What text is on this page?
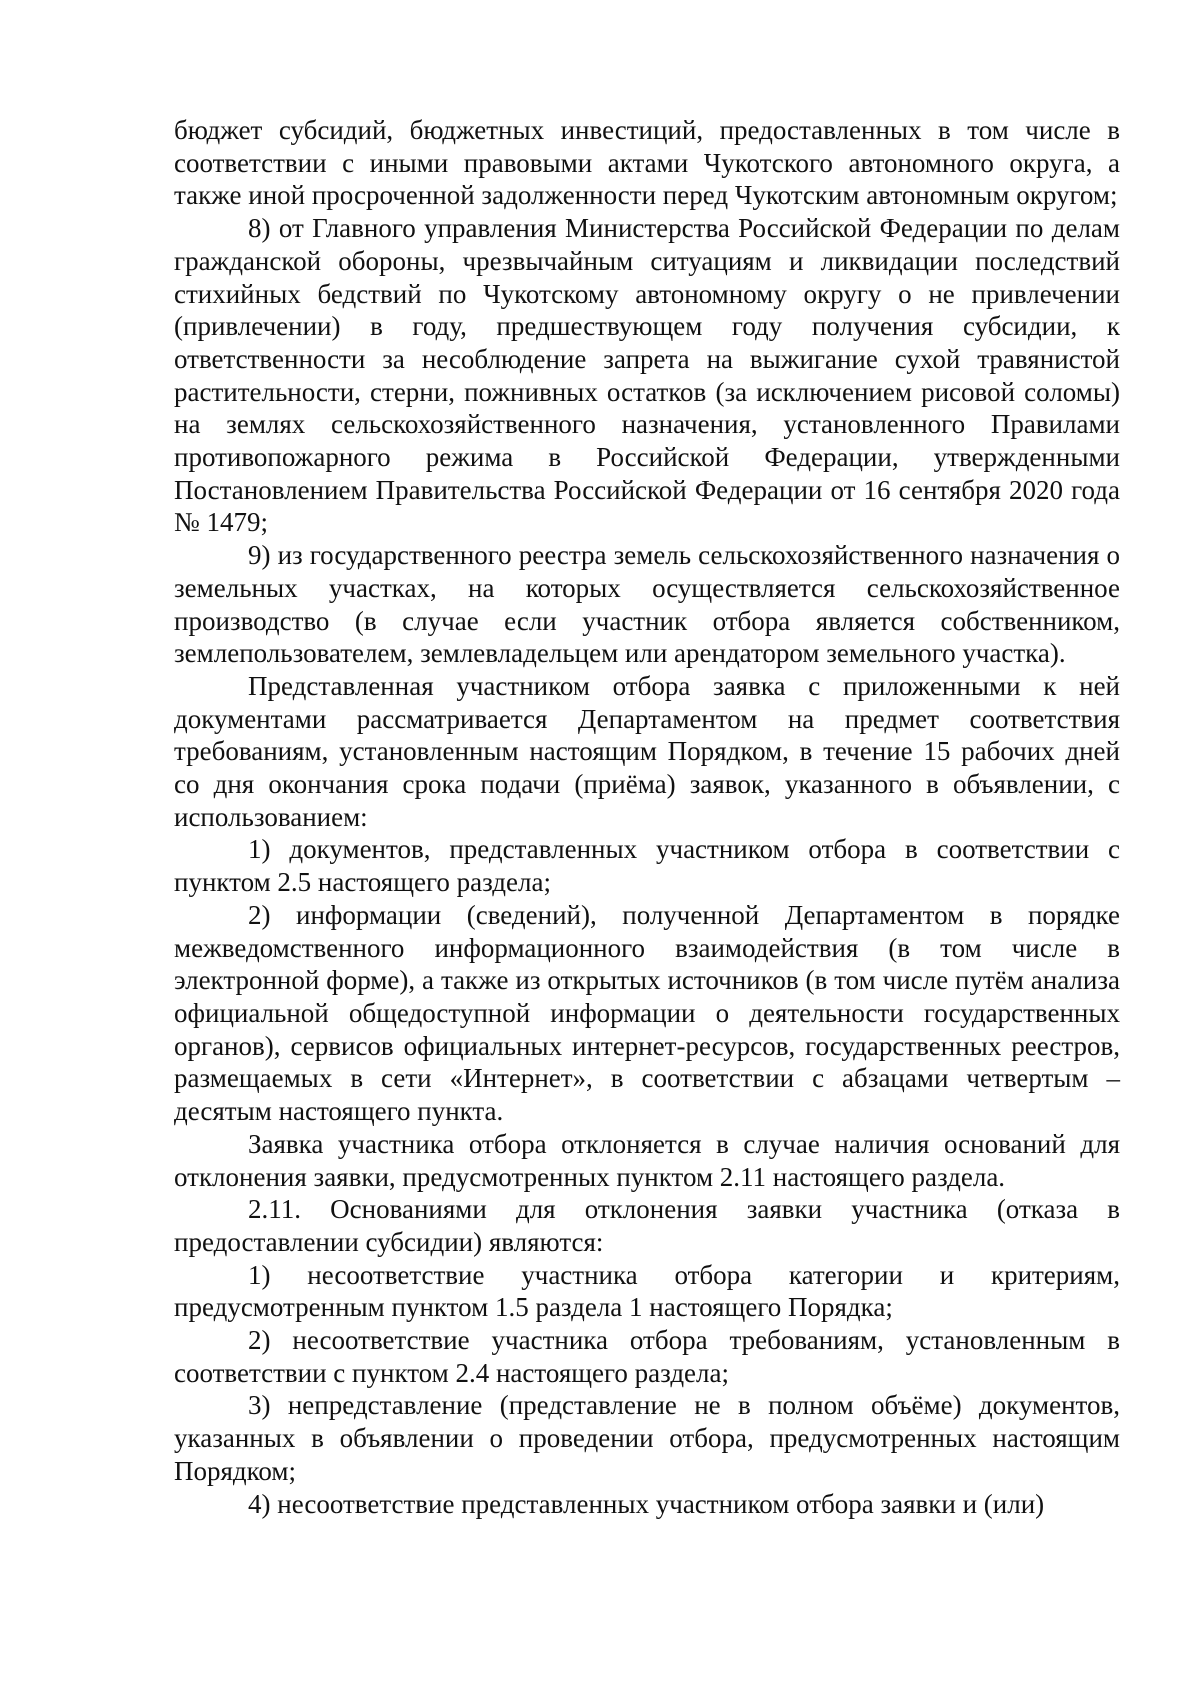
бюджет субсидий, бюджетных инвестиций, предоставленных в том числе в соответствии с иными правовыми актами Чукотского автономного округа, а также иной просроченной задолженности перед Чукотским автономным округом;

8) от Главного управления Министерства Российской Федерации по делам гражданской обороны, чрезвычайным ситуациям и ликвидации последствий стихийных бедствий по Чукотскому автономному округу о не привлечении (привлечении) в году, предшествующем году получения субсидии, к ответственности за несоблюдение запрета на выжигание сухой травянистой растительности, стерни, пожнивных остатков (за исключением рисовой соломы) на землях сельскохозяйственного назначения, установленного Правилами противопожарного режима в Российской Федерации, утвержденными Постановлением Правительства Российской Федерации от 16 сентября 2020 года № 1479;

9) из государственного реестра земель сельскохозяйственного назначения о земельных участках, на которых осуществляется сельскохозяйственное производство (в случае если участник отбора является собственником, землепользователем, землевладельцем или арендатором земельного участка).

Представленная участником отбора заявка с приложенными к ней документами рассматривается Департаментом на предмет соответствия требованиям, установленным настоящим Порядком, в течение 15 рабочих дней со дня окончания срока подачи (приёма) заявок, указанного в объявлении, с использованием:

1) документов, представленных участником отбора в соответствии с пунктом 2.5 настоящего раздела;

2) информации (сведений), полученной Департаментом в порядке межведомственного информационного взаимодействия (в том числе в электронной форме), а также из открытых источников (в том числе путём анализа официальной общедоступной информации о деятельности государственных органов), сервисов официальных интернет-ресурсов, государственных реестров, размещаемых в сети «Интернет», в соответствии с абзацами четвертым – десятым настоящего пункта.

Заявка участника отбора отклоняется в случае наличия оснований для отклонения заявки, предусмотренных пунктом 2.11 настоящего раздела.

2.11. Основаниями для отклонения заявки участника (отказа в предоставлении субсидии) являются:

1) несоответствие участника отбора категории и критериям, предусмотренным пунктом 1.5 раздела 1 настоящего Порядка;

2) несоответствие участника отбора требованиям, установленным в соответствии с пунктом 2.4 настоящего раздела;

3) непредставление (представление не в полном объёме) документов, указанных в объявлении о проведении отбора, предусмотренных настоящим Порядком;

4) несоответствие представленных участником отбора заявки и (или)
